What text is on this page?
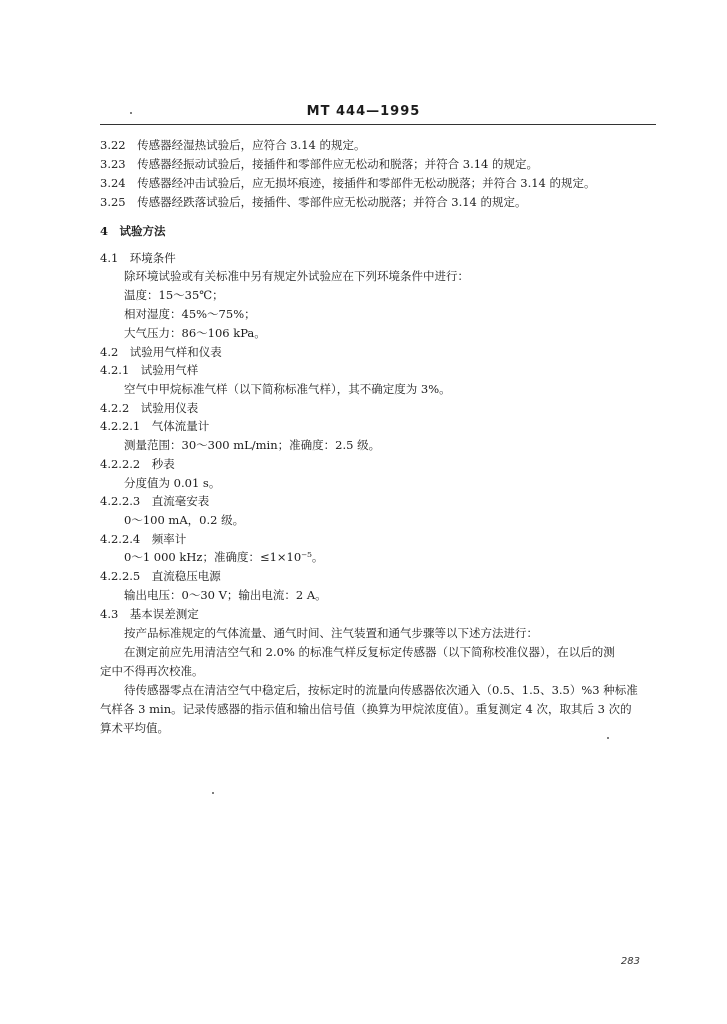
MT 444—1995
3.22　传感器经湿热试验后，应符合 3.14 的规定。
3.23　传感器经振动试验后，接插件和零部件应无松动和脱落；并符合 3.14 的规定。
3.24　传感器经冲击试验后，应无损坏痕迹，接插件和零部件无松动脱落；并符合 3.14 的规定。
3.25　传感器经跌落试验后，接插件、零部件应无松动脱落；并符合 3.14 的规定。
4　试验方法
4.1　环境条件
除环境试验或有关标准中另有规定外试验应在下列环境条件中进行：
温度：15～35℃；
相对湿度：45%～75%；
大气压力：86～106 kPa。
4.2　试验用气样和仪表
4.2.1　试验用气样
空气中甲烷标准气样（以下简称标准气样），其不确定度为 3%。
4.2.2　试验用仪表
4.2.2.1　气体流量计
测量范围：30～300 mL/min；准确度：2.5 级。
4.2.2.2　秒表
分度值为 0.01 s。
4.2.2.3　直流毫安表
0～100 mA，0.2 级。
4.2.2.4　频率计
0～1 000 kHz；准确度：≤1×10⁻⁵。
4.2.2.5　直流稳压电源
输出电压：0～30 V；输出电流：2 A。
4.3　基本误差测定
按产品标准规定的气体流量、通气时间、注气装置和通气步骤等以下述方法进行：
在测定前应先用清洁空气和 2.0% 的标准气样反复标定传感器（以下简称校准仪器），在以后的测
定中不得再次校准。
待传感器零点在清洁空气中稳定后，按标定时的流量向传感器依次通入（0.5、1.5、3.5）%3 种标准
气样各 3 min。记录传感器的指示值和输出信号值（换算为甲烷浓度值）。重复测定 4 次，取其后 3 次的
算术平均值。
283
